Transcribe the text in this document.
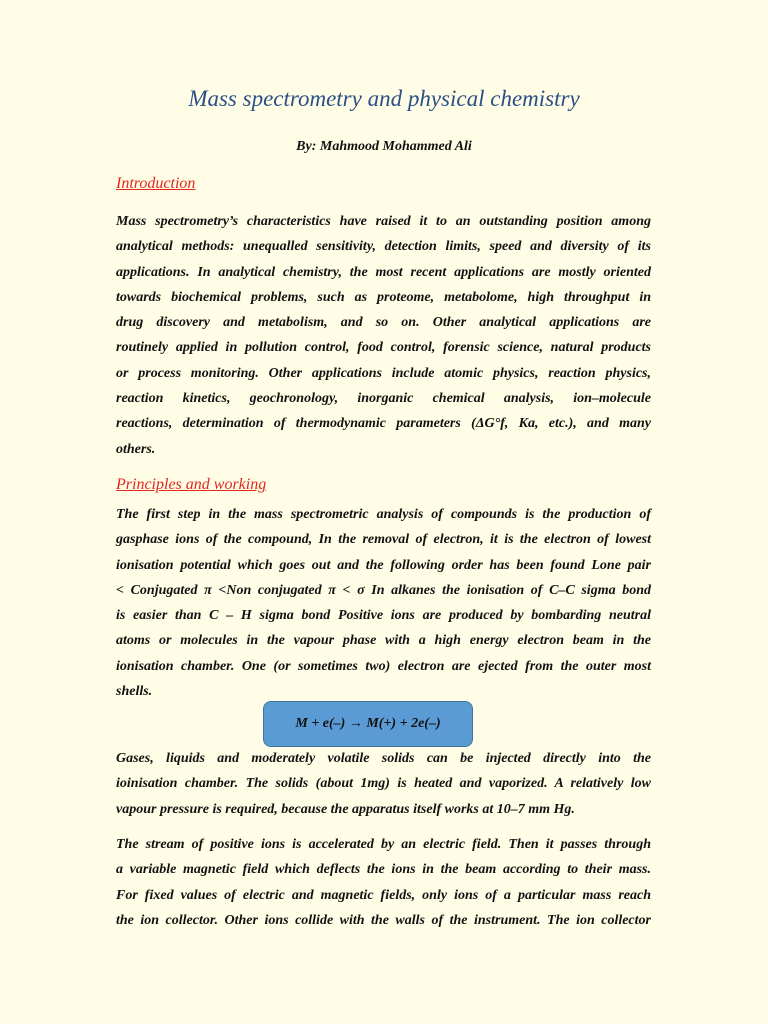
Mass spectrometry and physical chemistry
By: Mahmood Mohammed Ali
Introduction

Mass spectrometry’s characteristics have raised it to an outstanding position among
analytical methods: unequalled sensitivity, detection limits, speed and diversity of its
applications. In analytical chemistry, the most recent applications are mostly oriented
towards biochemical problems, such as proteome, metabolome, high throughput in
drug discovery and metabolism, and so on. Other analytical applications are
routinely applied in pollution control, food control, forensic science, natural products
or process monitoring. Other applications include atomic physics, reaction physics,
reaction kinetics, geochronology, inorganic chemical analysis, ion–molecule
reactions, determination of thermodynamic parameters (ΔG°f, Ka, etc.), and many
others.

Principles and working

The first step in the mass spectrometric analysis of compounds is the production of
gasphase ions of the compound, In the removal of electron, it is the electron of lowest
ionisation potential which goes out and the following order has been found Lone pair
< Conjugated π <Non conjugated π < σ In alkanes the ionisation of C–C sigma bond
is easier than C – H sigma bond Positive ions are produced by bombarding neutral
atoms or molecules in the vapour phase with a high energy electron beam in the
ionisation chamber. One (or sometimes two) electron are ejected from the outer most
shells.

M + e(–) → M(+) + 2e(–)

Gases, liquids and moderately volatile solids can be injected directly into the
ioinisation chamber. The solids (about 1mg) is heated and vaporized. A relatively low
vapour pressure is required, because the apparatus itself works at 10–7 mm Hg.

The stream of positive ions is accelerated by an electric field. Then it passes through
a variable magnetic field which deflects the ions in the beam according to their mass.
For fixed values of electric and magnetic fields, only ions of a particular mass reach
the ion collector. Other ions collide with the walls of the instrument. The ion collector
